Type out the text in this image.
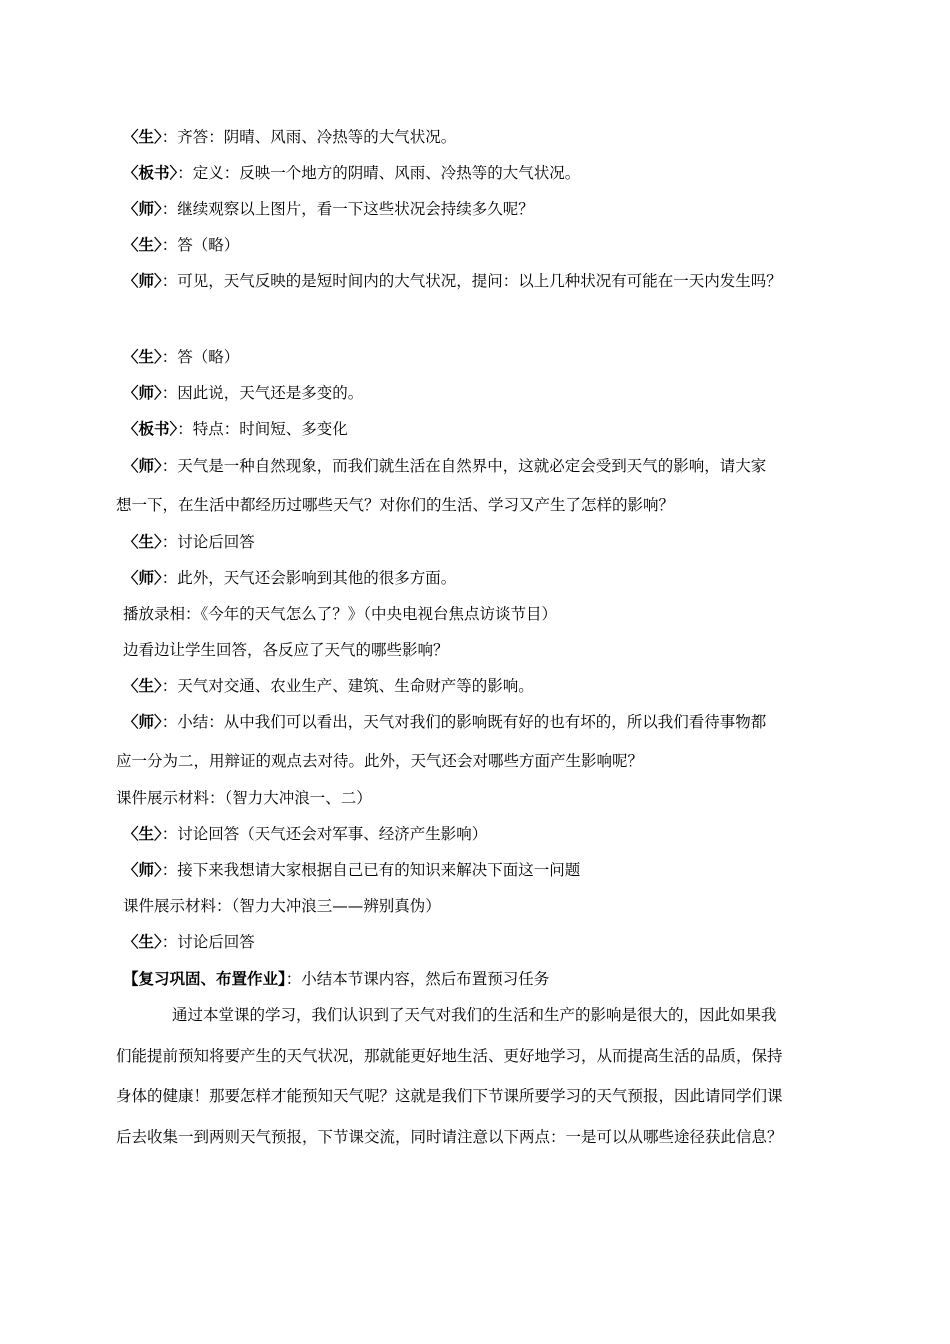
〈生〉：齐答：阴晴、风雨、冷热等的大气状况。
〈板书〉：定义：反映一个地方的阴晴、风雨、冷热等的大气状况。
〈师〉：继续观察以上图片，看一下这些状况会持续多久呢？
〈生〉：答（略）
〈师〉：可见，天气反映的是短时间内的大气状况，提问：以上几种状况有可能在一天内发生吗？
〈生〉：答（略）
〈师〉：因此说，天气还是多变的。
〈板书〉：特点：时间短、多变化
〈师〉：天气是一种自然现象，而我们就生活在自然界中，这就必定会受到天气的影响，请大家
想一下，在生活中都经历过哪些天气？对你们的生活、学习又产生了怎样的影响？
〈生〉：讨论后回答
〈师〉：此外，天气还会影响到其他的很多方面。
播放录相：《今年的天气怎么了？》（中央电视台焦点访谈节目）
边看边让学生回答，各反应了天气的哪些影响？
〈生〉：天气对交通、农业生产、建筑、生命财产等的影响。
〈师〉：小结：从中我们可以看出，天气对我们的影响既有好的也有坏的，所以我们看待事物都
应一分为二，用辩证的观点去对待。此外，天气还会对哪些方面产生影响呢？
课件展示材料：（智力大冲浪一、二）
〈生〉：讨论回答（天气还会对军事、经济产生影响）
〈师〉：接下来我想请大家根据自己已有的知识来解决下面这一问题
课件展示材料：（智力大冲浪三——辨别真伪）
〈生〉：讨论后回答
【复习巩固、布置作业】：小结本节课内容，然后布置预习任务
通过本堂课的学习，我们认识到了天气对我们的生活和生产的影响是很大的，因此如果我
们能提前预知将要产生的天气状况，那就能更好地生活、更好地学习，从而提高生活的品质，保持
身体的健康！那要怎样才能预知天气呢？这就是我们下节课所要学习的天气预报，因此请同学们课
后去收集一到两则天气预报，下节课交流，同时请注意以下两点：一是可以从哪些途径获此信息？
